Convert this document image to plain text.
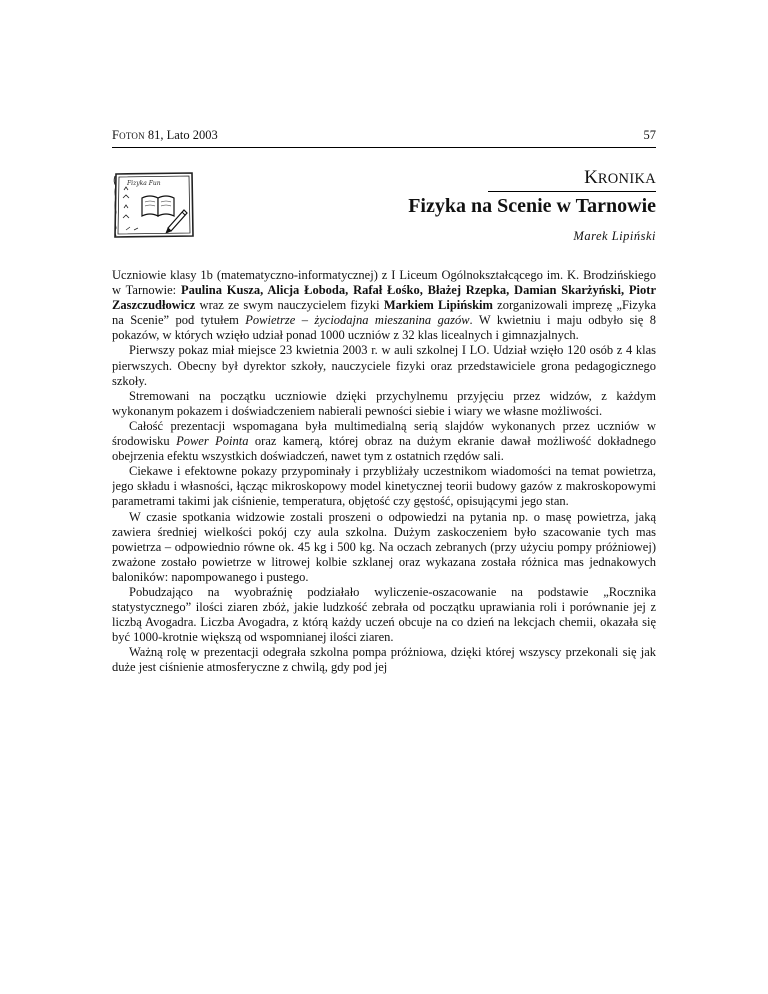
Foton 81, Lato 2003	57
Fizyka Fun	KRONIKA
Fizyka na Scenie w Tarnowie
Marek Lipiński

Uczniowie klasy 1b (matematyczno-informatycznej) z I Liceum Ogólnokształcącego im. K. Brodzińskiego w Tarnowie: Paulina Kusza, Alicja Łoboda, Rafał Łośko, Błażej Rzepka, Damian Skarżyński, Piotr Zaszczudłowicz wraz ze swym nauczycielem fizyki Markiem Lipińskim zorganizowali imprezę „Fizyka na Scenie” pod tytułem Powietrze – życiodajna mieszanina gazów. W kwietniu i maju odbyło się 8 pokazów, w których wzięło udział ponad 1000 uczniów z 32 klas licealnych i gimnazjalnych.

Pierwszy pokaz miał miejsce 23 kwietnia 2003 r. w auli szkolnej I LO. Udział wzięło 120 osób z 4 klas pierwszych. Obecny był dyrektor szkoły, nauczyciele fizyki oraz przedstawiciele grona pedagogicznego szkoły.

Stremowani na początku uczniowie dzięki przychylnemu przyjęciu przez widzów, z każdym wykonanym pokazem i doświadczeniem nabierali pewności siebie i wiary we własne możliwości.

Całość prezentacji wspomagana była multimedialną serią slajdów wykonanych przez uczniów w środowisku Power Pointa oraz kamerą, której obraz na dużym ekranie dawał możliwość dokładnego obejrzenia efektu wszystkich doświadczeń, nawet tym z ostatnich rzędów sali.

Ciekawe i efektowne pokazy przypominały i przybliżały uczestnikom wiadomości na temat powietrza, jego składu i własności, łącząc mikroskopowy model kinetycznej teorii budowy gazów z makroskopowymi parametrami takimi jak ciśnienie, temperatura, objętość czy gęstość, opisującymi jego stan.

W czasie spotkania widzowie zostali proszeni o odpowiedzi na pytania np. o masę powietrza, jaką zawiera średniej wielkości pokój czy aula szkolna. Dużym zaskoczeniem było szacowanie tych mas powietrza – odpowiednio równe ok. 45 kg i 500 kg. Na oczach zebranych (przy użyciu pompy próżniowej) zważone zostało powietrze w litrowej kolbie szklanej oraz wykazana została różnica mas jednakowych baloników: napompowanego i pustego.

Pobudzająco na wyobraźnię podziałało wyliczenie-oszacowanie na podstawie „Rocznika statystycznego” ilości ziaren zbóż, jakie ludzkość zebrała od początku uprawiania roli i porównanie jej z liczbą Avogadra. Liczba Avogadra, z którą każdy uczeń obcuje na co dzień na lekcjach chemii, okazała się być 1000-krotnie większą od wspomnianej ilości ziaren.

Ważną rolę w prezentacji odegrała szkolna pompa próżniowa, dzięki której wszyscy przekonali się jak duże jest ciśnienie atmosferyczne z chwilą, gdy pod jej
